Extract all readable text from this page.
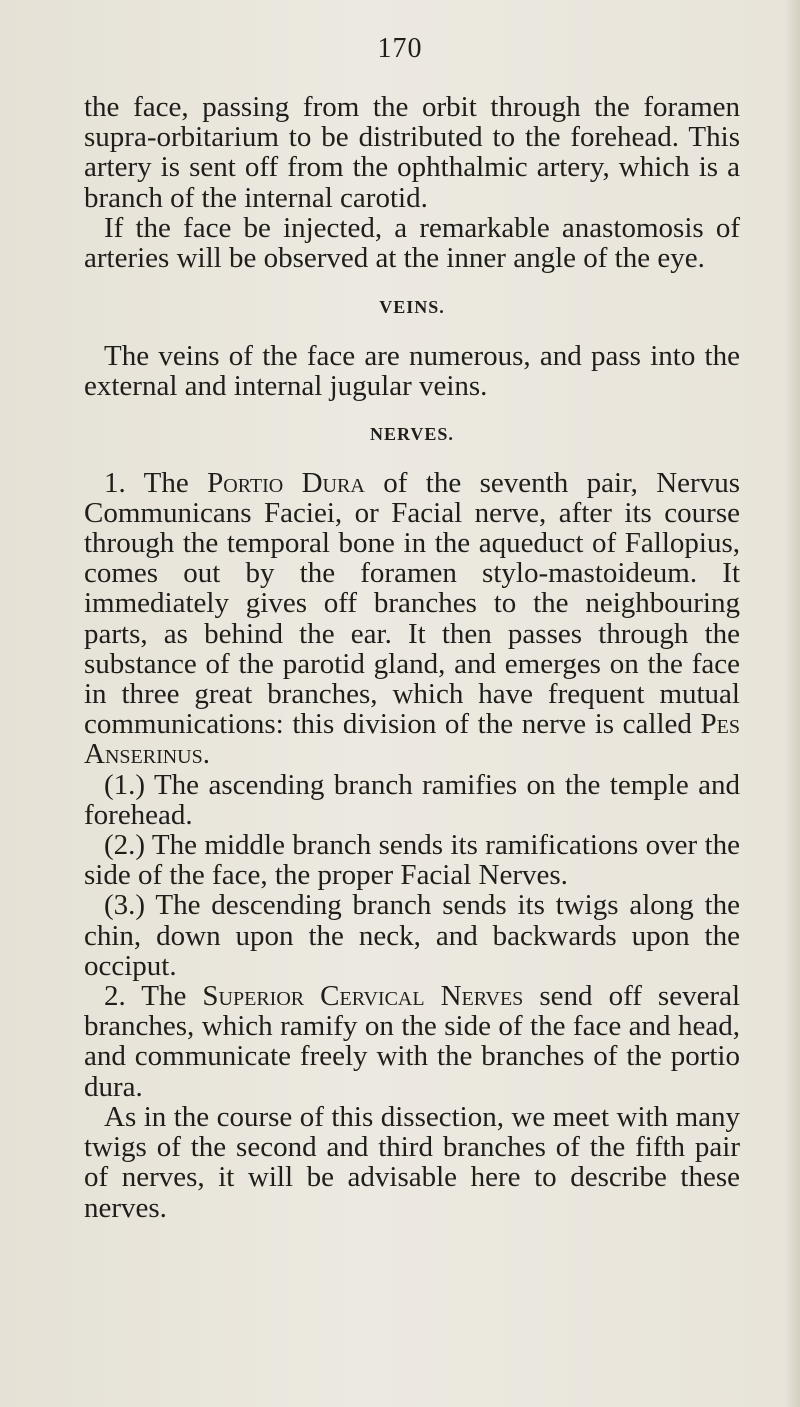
170

the face, passing from the orbit through the foramen supra-orbitarium to be distributed to the forehead. This artery is sent off from the ophthalmic artery, which is a branch of the internal carotid.

If the face be injected, a remarkable anastomosis of arteries will be observed at the inner angle of the eye.

VEINS.

The veins of the face are numerous, and pass into the external and internal jugular veins.

NERVES.

1. The Portio Dura of the seventh pair, Nervus Communicans Faciei, or Facial nerve, after its course through the temporal bone in the aqueduct of Fallopius, comes out by the foramen stylo-mastoideum. It immediately gives off branches to the neighbouring parts, as behind the ear. It then passes through the substance of the parotid gland, and emerges on the face in three great branches, which have frequent mutual communications: this division of the nerve is called Pes Anserinus.

(1.) The ascending branch ramifies on the temple and forehead.

(2.) The middle branch sends its ramifications over the side of the face, the proper Facial Nerves.

(3.) The descending branch sends its twigs along the chin, down upon the neck, and backwards upon the occiput.

2. The Superior Cervical Nerves send off several branches, which ramify on the side of the face and head, and communicate freely with the branches of the portio dura.

As in the course of this dissection, we meet with many twigs of the second and third branches of the fifth pair of nerves, it will be advisable here to describe these nerves.
